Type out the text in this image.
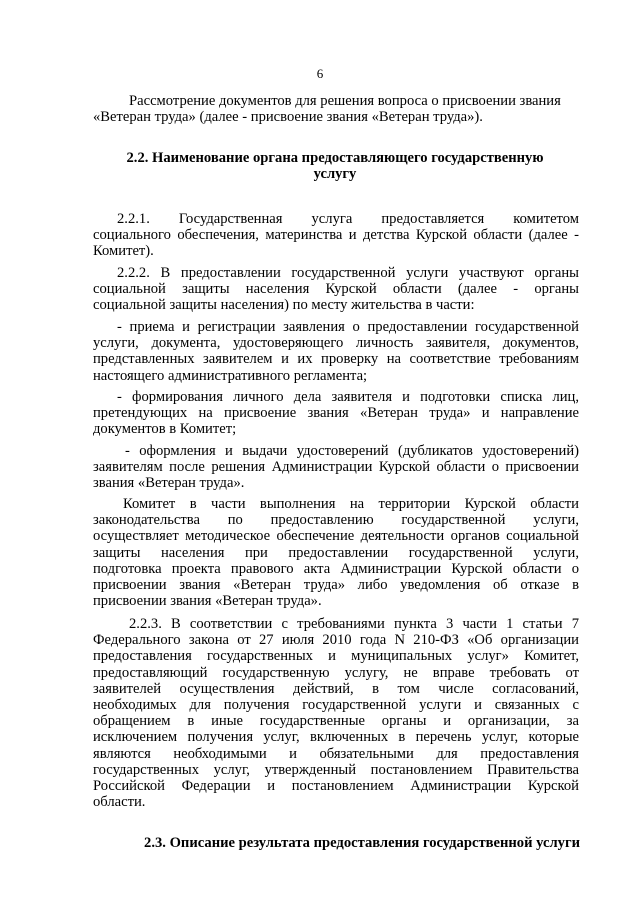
6
Рассмотрение документов для решения вопроса о присвоении звания
«Ветеран труда» (далее - присвоение звания «Ветеран труда»).
2.2. Наименование органа предоставляющего государственную
услугу
2.2.1. Государственная услуга предоставляется комитетом
социального обеспечения, материнства и детства Курской области (далее -
Комитет).
2.2.2. В предоставлении государственной услуги участвуют органы
социальной защиты населения Курской области (далее - органы
социальной защиты населения) по месту жительства в части:
- приема и регистрации заявления о предоставлении государственной
услуги, документа, удостоверяющего личность заявителя, документов,
представленных заявителем и их проверку на соответствие требованиям
настоящего административного регламента;
- формирования личного дела заявителя и подготовки списка лиц,
претендующих на присвоение звания «Ветеран труда» и направление
документов в Комитет;
- оформления и выдачи удостоверений (дубликатов удостоверений)
заявителям после решения Администрации Курской области о присвоении
звания «Ветеран труда».
Комитет в части выполнения на территории Курской области
законодательства по предоставлению государственной услуги,
осуществляет методическое обеспечение деятельности органов социальной
защиты населения при предоставлении государственной услуги,
подготовка проекта правового акта Администрации Курской области о
присвоении звания «Ветеран труда» либо уведомления об отказе в
присвоении звания «Ветеран труда».
2.2.3. В соответствии с требованиями пункта 3 части 1 статьи 7
Федерального закона от 27 июля 2010 года N 210-ФЗ «Об организации
предоставления государственных и муниципальных услуг» Комитет,
предоставляющий государственную услугу, не вправе требовать от
заявителей осуществления действий, в том числе согласований,
необходимых для получения государственной услуги и связанных с
обращением в иные государственные органы и организации, за
исключением получения услуг, включенных в перечень услуг, которые
являются необходимыми и обязательными для предоставления
государственных услуг, утвержденный постановлением Правительства
Российской Федерации и постановлением Администрации Курской
области.
2.3. Описание результата предоставления государственной услуги
